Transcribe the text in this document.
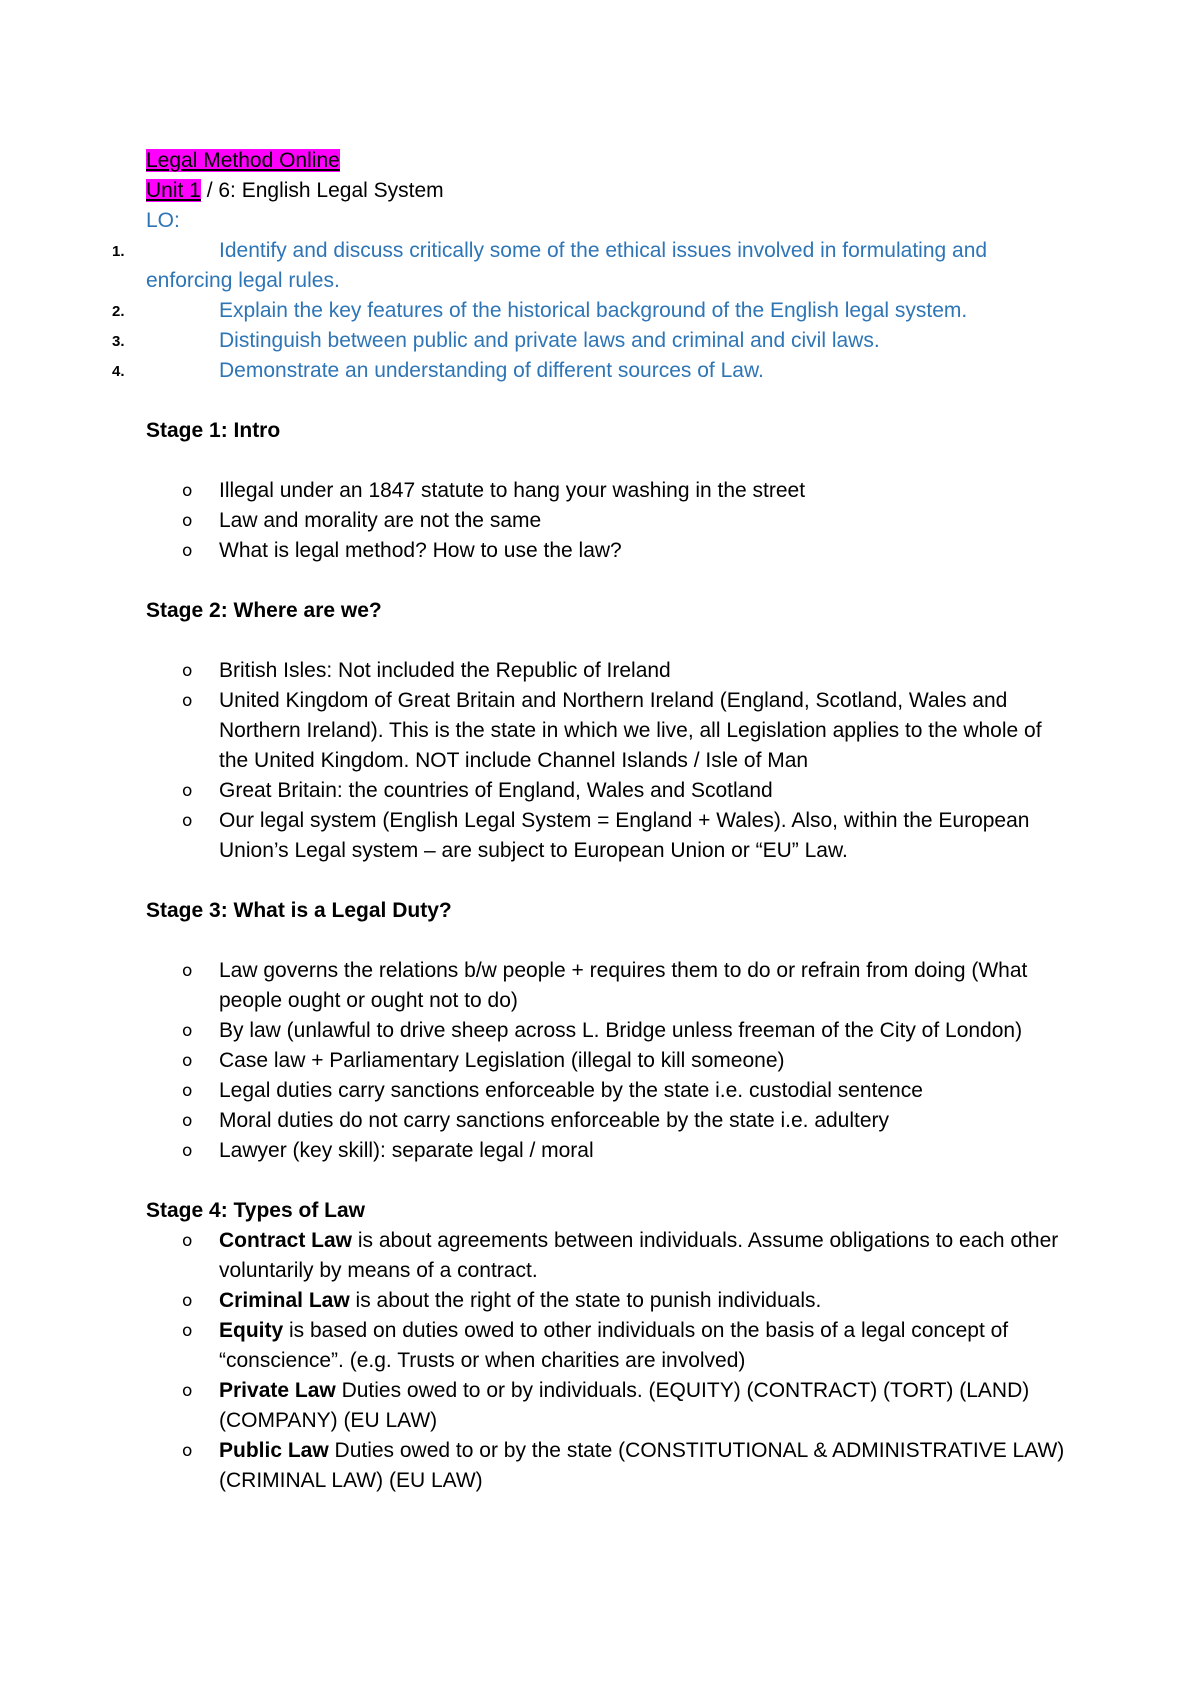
Legal Method Online
Unit 1 / 6: English Legal System
LO:
1.	Identify and discuss critically some of the ethical issues involved in formulating and
enforcing legal rules.
2.	Explain the key features of the historical background of the English legal system.
3.	Distinguish between public and private laws and criminal and civil laws.
4.	Demonstrate an understanding of different sources of Law.
Stage 1: Intro
o Illegal under an 1847 statute to hang your washing in the street
o Law and morality are not the same
o What is legal method? How to use the law?
Stage 2: Where are we?
o British Isles: Not included the Republic of Ireland
o United Kingdom of Great Britain and Northern Ireland (England, Scotland, Wales and Northern Ireland). This is the state in which we live, all Legislation applies to the whole of the United Kingdom. NOT include Channel Islands / Isle of Man
o Great Britain: the countries of England, Wales and Scotland
o Our legal system (English Legal System = England + Wales). Also, within the European Union’s Legal system – are subject to European Union or “EU” Law.
Stage 3: What is a Legal Duty?
o Law governs the relations b/w people + requires them to do or refrain from doing (What people ought or ought not to do)
o By law (unlawful to drive sheep across L. Bridge unless freeman of the City of London)
o Case law + Parliamentary Legislation (illegal to kill someone)
o Legal duties carry sanctions enforceable by the state i.e. custodial sentence
o Moral duties do not carry sanctions enforceable by the state i.e. adultery
o Lawyer (key skill): separate legal / moral
Stage 4: Types of Law
o Contract Law is about agreements between individuals. Assume obligations to each other voluntarily by means of a contract.
o Criminal Law is about the right of the state to punish individuals.
o Equity is based on duties owed to other individuals on the basis of a legal concept of “conscience”. (e.g. Trusts or when charities are involved)
o Private Law Duties owed to or by individuals. (EQUITY) (CONTRACT) (TORT) (LAND) (COMPANY) (EU LAW)
o Public Law Duties owed to or by the state (CONSTITUTIONAL & ADMINISTRATIVE LAW) (CRIMINAL LAW) (EU LAW)
